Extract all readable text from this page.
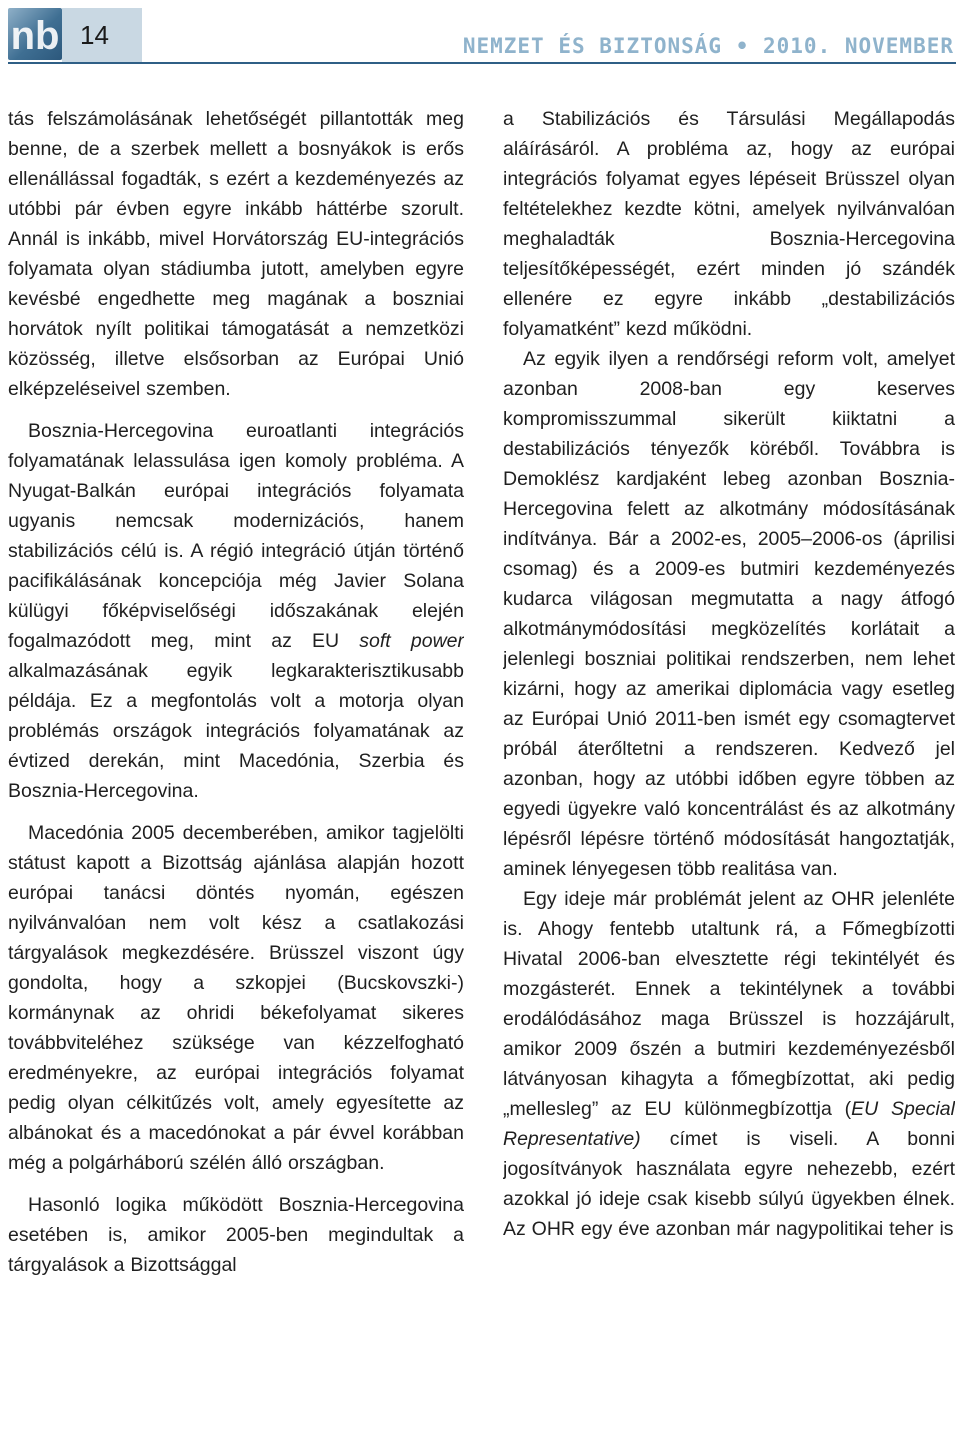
nb 14	NEMZET ÉS BIZTONSÁG • 2010. NOVEMBER

tás felszámolásának lehetőségét pillantották meg benne, de a szerbek mellett a bosnyákok is erős ellenállással fogadták, s ezért a kezdeményezés az utóbbi pár évben egyre inkább háttérbe szorult. Annál is inkább, mivel Horvátország EU-integrációs folyamata olyan stádiumba jutott, amelyben egyre kevésbé engedhette meg magának a boszniai horvátok nyílt politikai támogatását a nemzetközi közösség, illetve elsősorban az Európai Unió elképzeléseivel szemben.

Bosznia-Hercegovina euroatlanti integrációs folyamatának lelassulása igen komoly probléma. A Nyugat-Balkán európai integrációs folyamata ugyanis nemcsak modernizációs, hanem stabilizációs célú is. A régió integráció útján történő pacifikálásának koncepciója még Javier Solana külügyi főképviselőségi időszakának elején fogalmazódott meg, mint az EU soft power alkalmazásának egyik legkarakterisztikusabb példája. Ez a megfontolás volt a motorja olyan problémás országok integrációs folyamatának az évtized derekán, mint Macedónia, Szerbia és Bosznia-Hercegovina.

Macedónia 2005 decemberében, amikor tagjelölti státust kapott a Bizottság ajánlása alapján hozott európai tanácsi döntés nyomán, egészen nyilvánvalóan nem volt kész a csatlakozási tárgyalások megkezdésére. Brüsszel viszont úgy gondolta, hogy a szkopjei (Bucskovszki-) kormánynak az ohridi békefolyamat sikeres továbbviteléhez szüksége van kézzelfogható eredményekre, az európai integrációs folyamat pedig olyan célkitűzés volt, amely egyesítette az albánokat és a macedónokat a pár évvel korábban még a polgárháború szélén álló országban.

Hasonló logika működött Bosznia-Hercegovina esetében is, amikor 2005-ben megindultak a tárgyalások a Bizottsággal

a Stabilizációs és Társulási Megállapodás aláírásáról. A probléma az, hogy az európai integrációs folyamat egyes lépéseit Brüsszel olyan feltételekhez kezdte kötni, amelyek nyilvánvalóan meghaladták Bosznia-Hercegovina teljesítőképességét, ezért minden jó szándék ellenére ez egyre inkább „destabilizációs folyamatként” kezd működni.

Az egyik ilyen a rendőrségi reform volt, amelyet azonban 2008-ban egy keserves kompromisszummal sikerült kiiktatni a destabilizációs tényezők köréből. Továbbra is Demoklész kardjaként lebeg azonban Bosznia-Hercegovina felett az alkotmány módosításának indítványa. Bár a 2002-es, 2005–2006-os (áprilisi csomag) és a 2009-es butmiri kezdeményezés kudarca világosan megmutatta a nagy átfogó alkotmánymódosítási megközelítés korlátait a jelenlegi boszniai politikai rendszerben, nem lehet kizárni, hogy az amerikai diplomácia vagy esetleg az Európai Unió 2011-ben ismét egy csomagtervet próbál áterőltetni a rendszeren. Kedvező jel azonban, hogy az utóbbi időben egyre többen az egyedi ügyekre való koncentrálást és az alkotmány lépésről lépésre történő módosítását hangoztatják, aminek lényegesen több realitása van.

Egy ideje már problémát jelent az OHR jelenléte is. Ahogy fentebb utaltunk rá, a Főmegbízotti Hivatal 2006-ban elvesztette régi tekintélyét és mozgásterét. Ennek a tekintélynek a további erodálódásához maga Brüsszel is hozzájárult, amikor 2009 őszén a butmiri kezdeményezésből látványosan kihagyta a főmegbízottat, aki pedig „mellesleg” az EU különmegbízottja (EU Special Representative) címet is viseli. A bonni jogosítványok használata egyre nehezebb, ezért azokkal jó ideje csak kisebb súlyú ügyekben élnek. Az OHR egy éve azonban már nagypolitikai teher is
